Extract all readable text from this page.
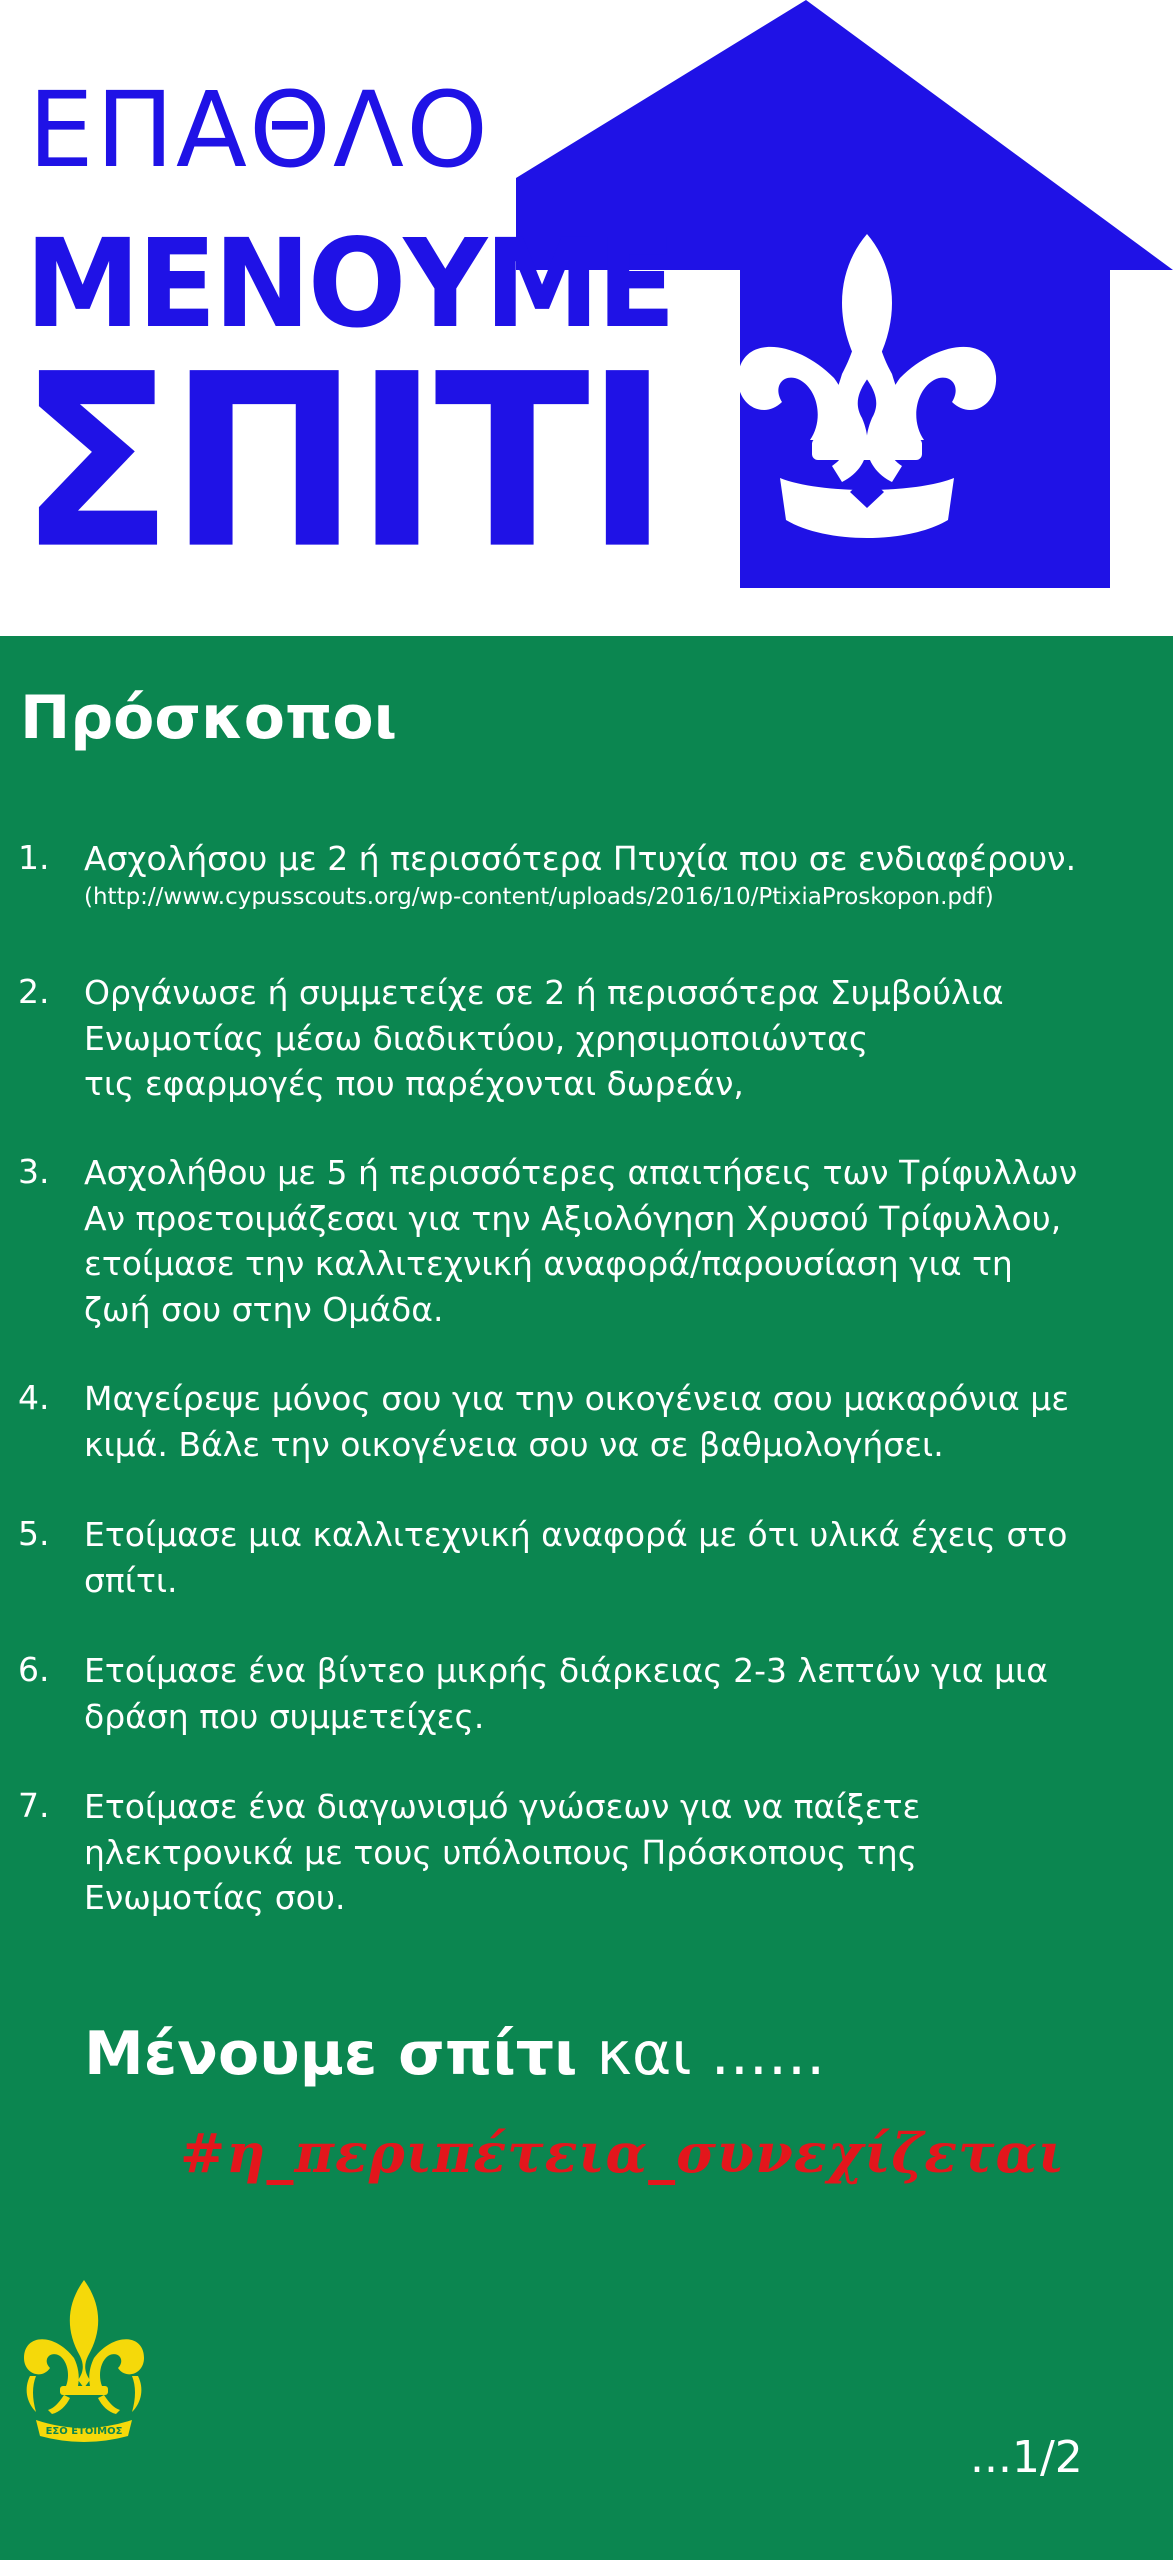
ΕΠΑΘΛΟ
ΜΕΝΟΥΜΕ
ΣΠΙΤΙ
Πρόσκοποι
1. Ασχολήσου με 2 ή περισσότερα Πτυχία που σε ενδιαφέρουν.
(http://www.cypusscouts.org/wp-content/uploads/2016/10/PtixiaProskopon.pdf)
2. Οργάνωσε ή συμμετείχε σε 2 ή περισσότερα Συμβούλια
Ενωμοτίας μέσω διαδικτύου, χρησιμοποιώντας
τις εφαρμογές που παρέχονται δωρεάν,
3. Ασχολήθου με 5 ή περισσότερες απαιτήσεις των Τρίφυλλων
Αν προετοιμάζεσαι για την Αξιολόγηση Χρυσού Τρίφυλλου,
ετοίμασε την καλλιτεχνική αναφορά/παρουσίαση για τη
ζωή σου στην Ομάδα.
4. Μαγείρεψε μόνος σου για την οικογένεια σου μακαρόνια με
κιμά. Βάλε την οικογένεια σου να σε βαθμολογήσει.
5. Ετοίμασε μια καλλιτεχνική αναφορά με ότι υλικά έχεις στο
σπίτι.
6. Ετοίμασε ένα βίντεο μικρής διάρκειας 2-3 λεπτών για μια
δράση που συμμετείχες.
7. Ετοίμασε ένα διαγωνισμό γνώσεων για να παίξετε
ηλεκτρονικά με τους υπόλοιπους Πρόσκοπους της
Ενωμοτίας σου.
Μένουμε σπίτι και ......
#η_περιπέτεια_συνεχίζεται
ΕΣΟ ΕΤΟΙΜΟΣ
...1/2
